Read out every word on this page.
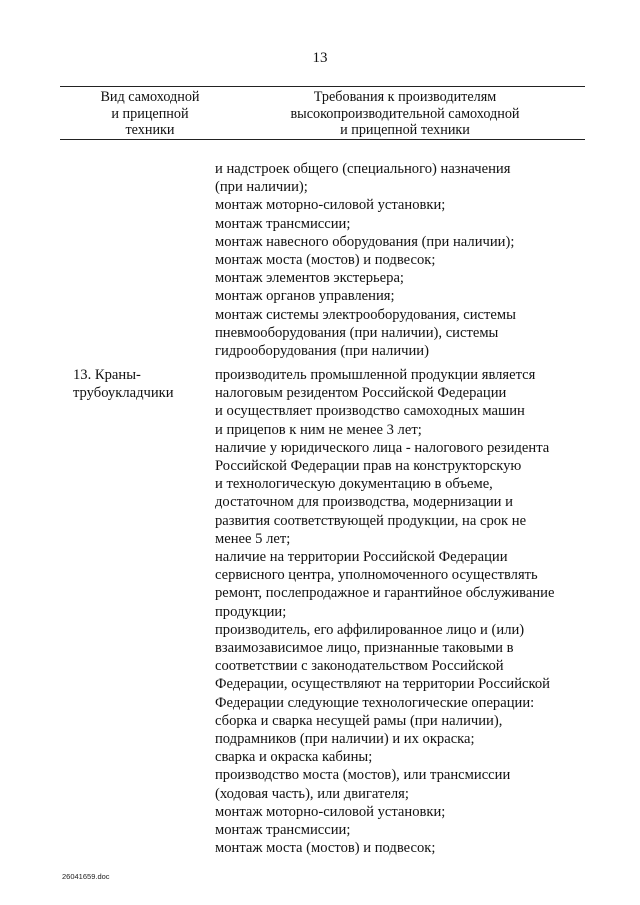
13
Вид самоходной
и прицепной
техники
Требования к производителям
высокопроизводительной самоходной
и прицепной техники
и надстроек общего (специального) назначения
(при наличии);
монтаж моторно-силовой установки;
монтаж трансмиссии;
монтаж навесного оборудования (при наличии);
монтаж моста (мостов) и подвесок;
монтаж элементов экстерьера;
монтаж органов управления;
монтаж системы электрооборудования, системы
пневмооборудования (при наличии), системы
гидрооборудования (при наличии)
13. Краны-
трубоукладчики
производитель промышленной продукции является
налоговым резидентом Российской Федерации
и осуществляет производство самоходных машин
и прицепов к ним не менее 3 лет;
наличие у юридического лица - налогового резидента
Российской Федерации прав на конструкторскую
и технологическую документацию в объеме,
достаточном для производства, модернизации и
развития соответствующей продукции, на срок не
менее 5 лет;
наличие на территории Российской Федерации
сервисного центра, уполномоченного осуществлять
ремонт, послепродажное и гарантийное обслуживание
продукции;
производитель, его аффилированное лицо и (или)
взаимозависимое лицо, признанные таковыми в
соответствии с законодательством Российской
Федерации, осуществляют на территории Российской
Федерации следующие технологические операции:
сборка и сварка несущей рамы (при наличии),
подрамников (при наличии) и их окраска;
сварка и окраска кабины;
производство моста (мостов), или трансмиссии
(ходовая часть), или двигателя;
монтаж моторно-силовой установки;
монтаж трансмиссии;
монтаж моста (мостов) и подвесок;
26041659.doc
